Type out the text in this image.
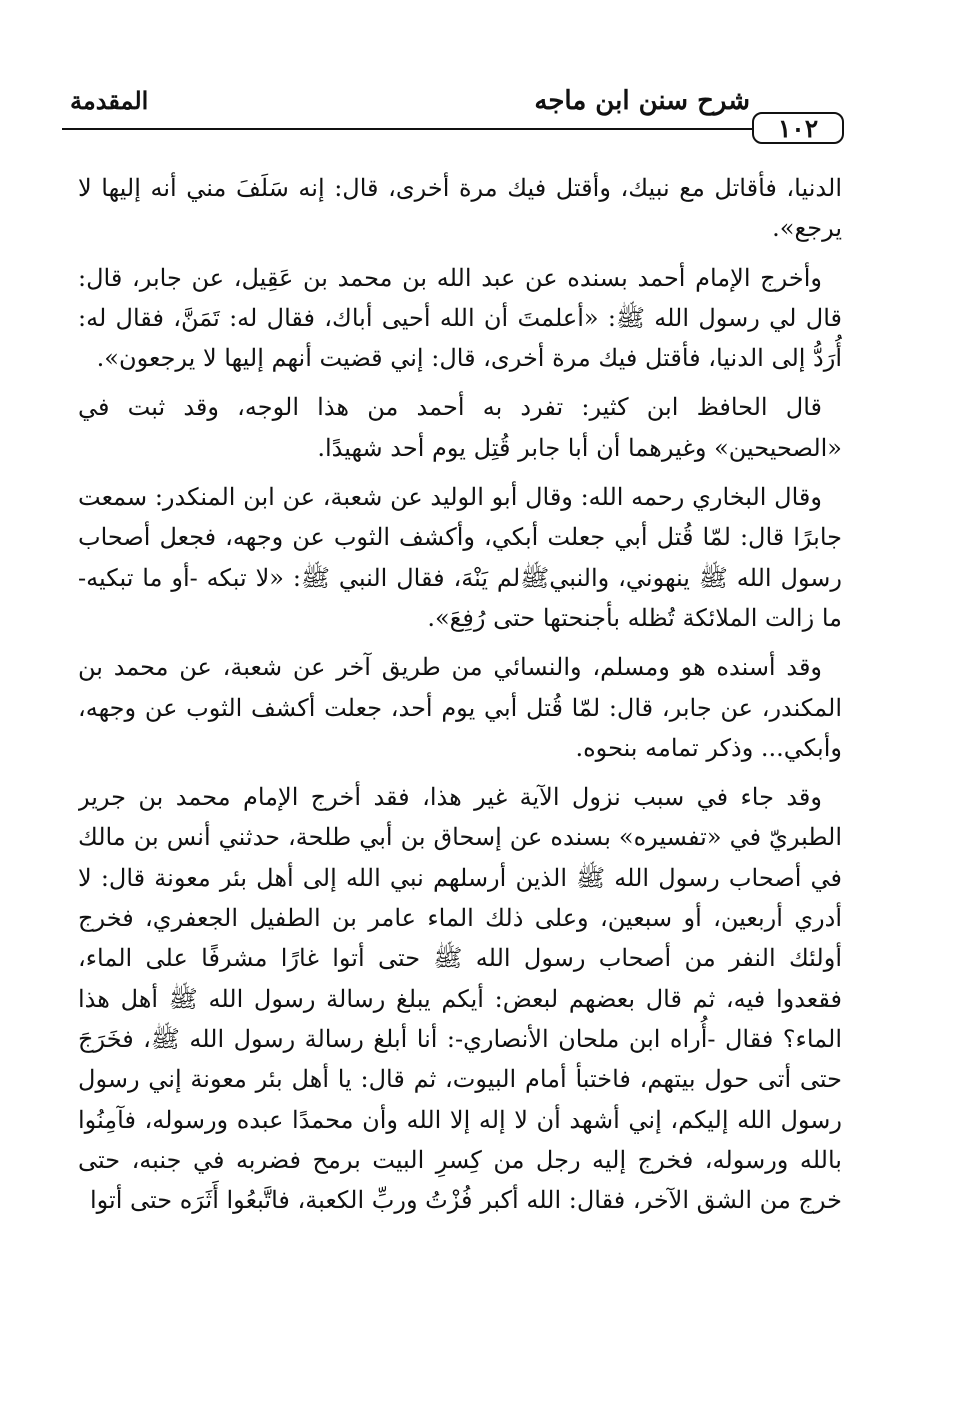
١٠٢
شرح سنن ابن ماجه
المقدمة

الدنيا، فأقاتل مع نبيك، وأقتل فيك مرة أخرى، قال: إنه سَلَفَ مني أنه إليها لا يرجع».

وأخرج الإمام أحمد بسنده عن عبد الله بن محمد بن عَقِيل، عن جابر، قال: قال لي رسول الله ﷺ: «أعلمتَ أن الله أحيى أباك، فقال له: تَمَنَّ، فقال له: أُرَدُّ إلى الدنيا، فأقتل فيك مرة أخرى، قال: إني قضيت أنهم إليها لا يرجعون».

قال الحافظ ابن كثير: تفرد به أحمد من هذا الوجه، وقد ثبت في «الصحيحين» وغيرهما أن أبا جابر قُتِل يوم أحد شهيدًا.

وقال البخاري رحمه الله: وقال أبو الوليد عن شعبة، عن ابن المنكدر: سمعت جابرًا قال: لمّا قُتل أبي جعلت أبكي، وأكشف الثوب عن وجهه، فجعل أصحاب رسول الله ﷺ ينهوني، والنبيﷺلم يَنْهَ، فقال النبي ﷺ: «لا تبكه -أو ما تبكيه- ما زالت الملائكة تُظله بأجنحتها حتى رُفِعَ».

وقد أسنده هو ومسلم، والنسائي من طريق آخر عن شعبة، عن محمد بن المكندر، عن جابر، قال: لمّا قُتل أبي يوم أحد، جعلت أكشف الثوب عن وجهه، وأبكي... وذكر تمامه بنحوه.

وقد جاء في سبب نزول الآية غير هذا، فقد أخرج الإمام محمد بن جرير الطبريّ في «تفسيره» بسنده عن إسحاق بن أبي طلحة، حدثني أنس بن مالك في أصحاب رسول الله ﷺ الذين أرسلهم نبي الله إلى أهل بئر معونة قال: لا أدري أربعين، أو سبعين، وعلى ذلك الماء عامر بن الطفيل الجعفري، فخرج أولئك النفر من أصحاب رسول الله ﷺ حتى أتوا غارًا مشرفًا على الماء، فقعدوا فيه، ثم قال بعضهم لبعض: أيكم يبلغ رسالة رسول الله ﷺ أهل هذا الماء؟ فقال -أُراه ابن ملحان الأنصاري-: أنا أبلغ رسالة رسول الله ﷺ، فخَرَجَ حتى أتى حول بيتهم، فاختبأ أمام البيوت، ثم قال: يا أهل بئر معونة إني رسول رسول الله إليكم، إني أشهد أن لا إله إلا الله وأن محمدًا عبده ورسوله، فآمِنُوا بالله ورسوله، فخرج إليه رجل من كِسرِ البيت برمح فضربه في جنبه، حتى خرج من الشق الآخر، فقال: الله أكبر فُزْتُ وربِّ الكعبة، فاتَّبعُوا أَثَرَه حتى أتوا
